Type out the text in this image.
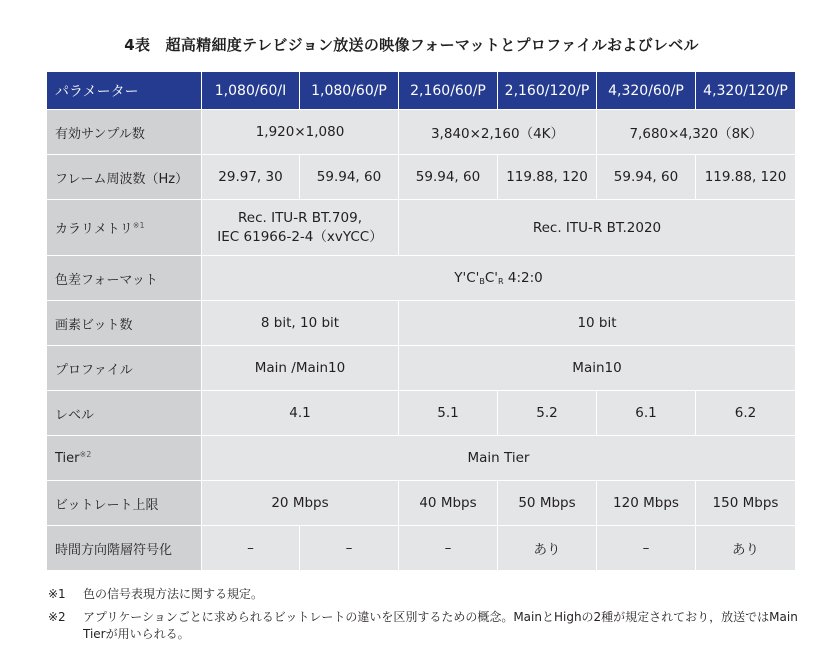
4表　超高精細度テレビジョン放送の映像フォーマットとプロファイルおよびレベル
パラメーター	1,080/60/I	1,080/60/P	2,160/60/P	2,160/120/P	4,320/60/P	4,320/120/P
有効サンプル数	1,920×1,080		3,840×2,160（4K）		7,680×4,320（8K）	
フレーム周波数（Hz）	29.97, 30	59.94, 60	59.94, 60	119.88, 120	59.94, 60	119.88, 120
カラリメトリ$^{※1}$	Rec. ITU-R BT.709,
IEC 61966-2-4（xvYCC）		Rec. ITU-R BT.2020			
色差フォーマット	Y'C'BC'R 4:2:0					
画素ビット数	8 bit, 10 bit		10 bit			
プロファイル	Main /Main10		Main10			
レベル	4.1		5.1	5.2	6.1	6.2
Tier$^{※2}$	Main Tier					
ビットレート上限	20 Mbps		40 Mbps	50 Mbps	120 Mbps	150 Mbps
時間方向階層符号化	–	–	–	あり	–	あり
※1 色の信号表現方法に関する規定。
※2 アプリケーションごとに求められるビットレートの違いを区別するための概念。MainとHighの2種が規定されており，放送ではMain Tierが用いられる。
